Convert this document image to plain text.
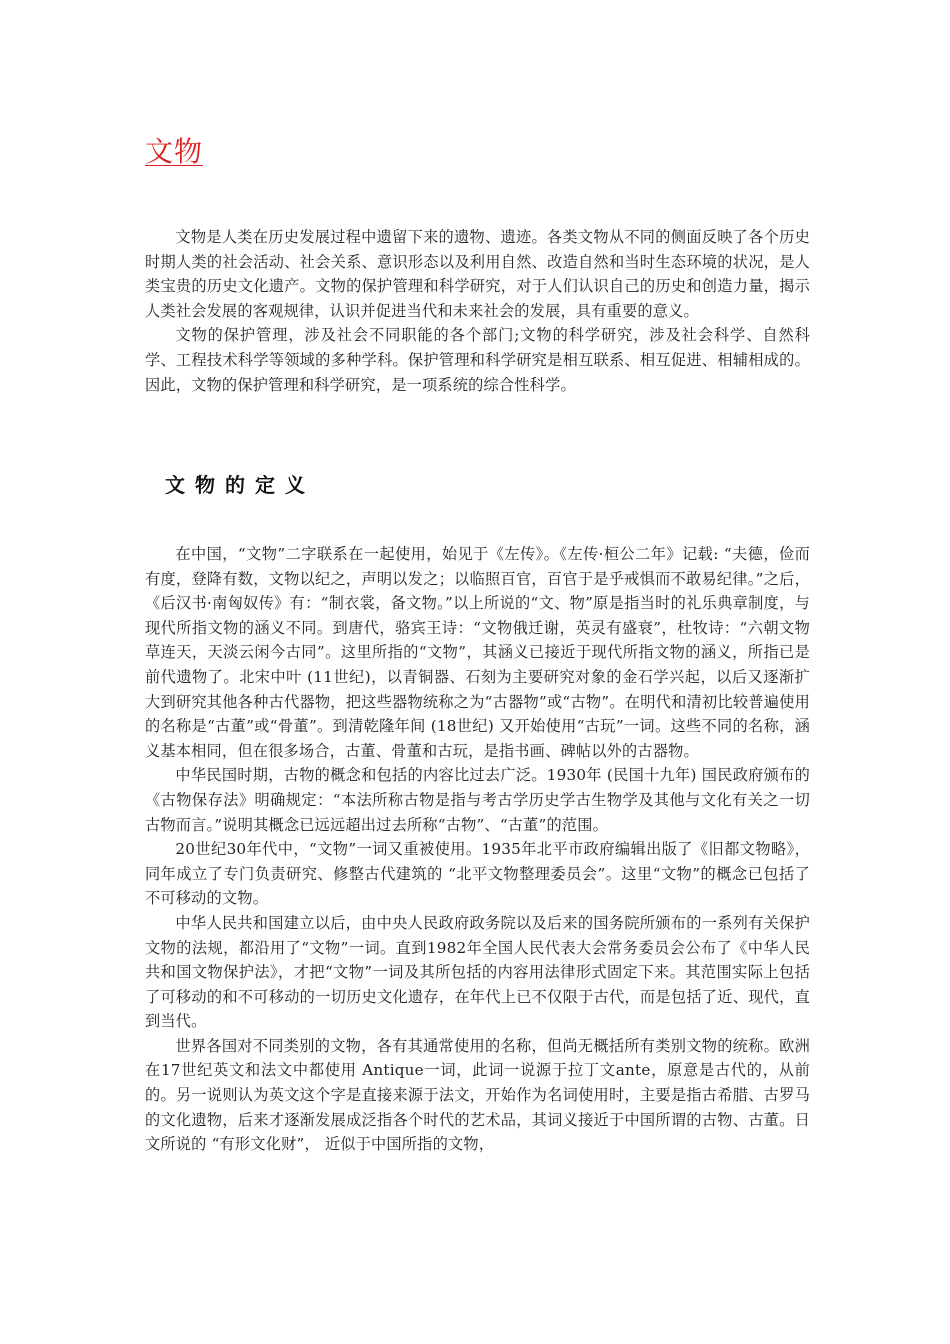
文物

文物是人类在历史发展过程中遗留下来的遗物、遗迹。各类文物从不同的侧面反映了各个历史时期人类的社会活动、社会关系、意识形态以及利用自然、改造自然和当时生态环境的状况，是人类宝贵的历史文化遗产。文物的保护管理和科学研究，对于人们认识自己的历史和创造力量，揭示人类社会发展的客观规律，认识并促进当代和未来社会的发展，具有重要的意义。

文物的保护管理，涉及社会不同职能的各个部门;文物的科学研究，涉及社会科学、自然科学、工程技术科学等领域的多种学科。保护管理和科学研究是相互联系、相互促进、相辅相成的。因此，文物的保护管理和科学研究，是一项系统的综合性科学。

文物的定义

在中国，“文物”二字联系在一起使用，始见于《左传》。《左传·桓公二年》记载: “夫德，俭而有度，登降有数，文物以纪之，声明以发之；以临照百官，百官于是乎戒惧而不敢易纪律。”之后，《后汉书·南匈奴传》有：“制衣裳，备文物。”以上所说的“文、物”原是指当时的礼乐典章制度，与现代所指文物的涵义不同。到唐代，骆宾王诗：“文物俄迁谢，英灵有盛衰”，杜牧诗：“六朝文物草连天，天淡云闲今古同”。这里所指的“文物”，其涵义已接近于现代所指文物的涵义，所指已是前代遗物了。北宋中叶 (11世纪)，以青铜器、石刻为主要研究对象的金石学兴起，以后又逐渐扩大到研究其他各种古代器物，把这些器物统称之为“古器物”或“古物”。在明代和清初比较普遍使用的名称是“古董”或“骨董”。到清乾隆年间 (18世纪) 又开始使用“古玩”一词。这些不同的名称，涵义基本相同，但在很多场合，古董、骨董和古玩，是指书画、碑帖以外的古器物。

中华民国时期，古物的概念和包括的内容比过去广泛。1930年 (民国十九年) 国民政府颁布的《古物保存法》明确规定：“本法所称古物是指与考古学历史学古生物学及其他与文化有关之一切古物而言。”说明其概念已远远超出过去所称“古物”、“古董”的范围。

20世纪30年代中，“文物”一词又重被使用。1935年北平市政府编辑出版了《旧都文物略》，同年成立了专门负责研究、修整古代建筑的 “北平文物整理委员会”。这里“文物”的概念已包括了不可移动的文物。

中华人民共和国建立以后，由中央人民政府政务院以及后来的国务院所颁布的一系列有关保护文物的法规，都沿用了“文物”一词。直到1982年全国人民代表大会常务委员会公布了《中华人民共和国文物保护法》，才把“文物”一词及其所包括的内容用法律形式固定下来。其范围实际上包括了可移动的和不可移动的一切历史文化遗存，在年代上已不仅限于古代，而是包括了近、现代，直到当代。

世界各国对不同类别的文物，各有其通常使用的名称，但尚无概括所有类别文物的统称。欧洲在17世纪英文和法文中都使用 Antique一词，此词一说源于拉丁文ante，原意是古代的，从前的。另一说则认为英文这个字是直接来源于法文，开始作为名词使用时，主要是指古希腊、古罗马的文化遗物，后来才逐渐发展成泛指各个时代的艺术品，其词义接近于中国所谓的古物、古董。日文所说的 “有形文化财”， 近似于中国所指的文物，
